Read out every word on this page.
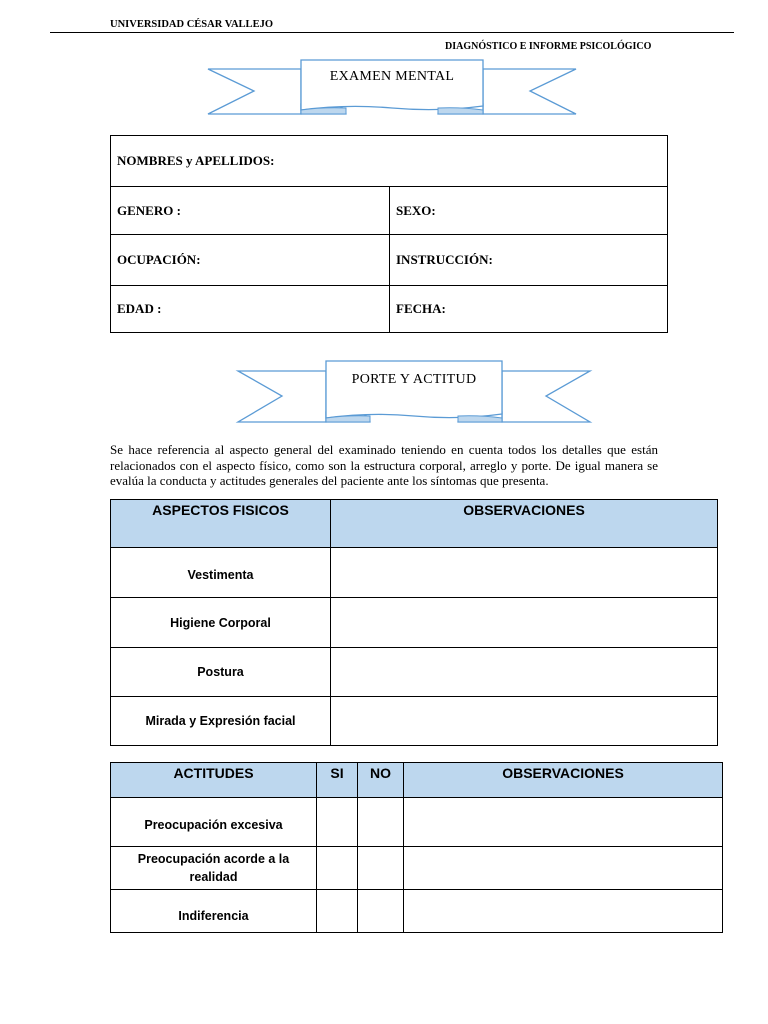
UNIVERSIDAD CÉSAR VALLEJO
DIAGNÓSTICO E INFORME PSICOLÓGICO
EXAMEN MENTAL
NOMBRES y APELLIDOS:	
GENERO :	SEXO:
OCUPACIÓN:	INSTRUCCIÓN:
EDAD :	FECHA:
PORTE Y ACTITUD
Se hace referencia al aspecto general del examinado teniendo en cuenta todos los detalles que están relacionados con el aspecto físico, como son la estructura corporal, arreglo y porte. De igual manera se evalúa la conducta y actitudes generales del paciente ante los síntomas que presenta.
ASPECTOS FISICOS	OBSERVACIONES
Vestimenta	
Higiene Corporal	
Postura	
Mirada y Expresión facial	
ACTITUDES	SI	NO	OBSERVACIONES
Preocupación excesiva			
Preocupación acorde a la realidad			
Indiferencia			
